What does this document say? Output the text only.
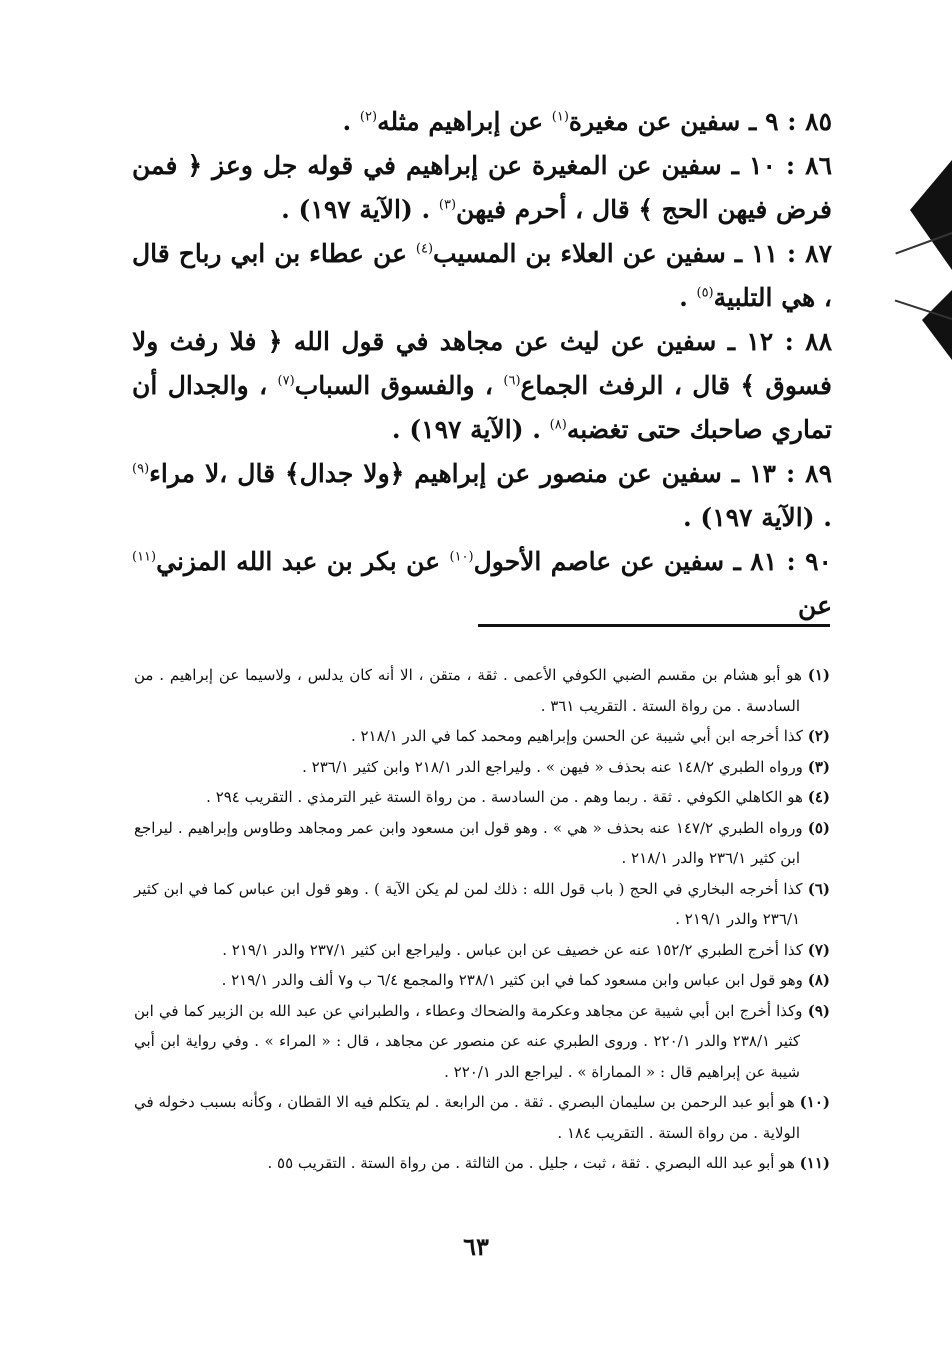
٨٥ : ٩ ـ سفين عن مغيرة$^{(١)}$ عن إبراهيم مثله$^{(٢)}$ .

٨٦ : ١٠ ـ سفين عن المغيرة عن إبراهيم في قوله جل وعز ﴿ فمن فرض فيهن الحج ﴾ قال ، أحرم فيهن$^{(٣)}$ . (الآية ١٩٧) .

٨٧ : ١١ ـ سفين عن العلاء بن المسيب$^{(٤)}$ عن عطاء بن ابي رباح قال ، هي التلبية$^{(٥)}$ .

٨٨ : ١٢ ـ سفين عن ليث عن مجاهد في قول الله ﴿ فلا رفث ولا فسوق ﴾ قال ، الرفث الجماع$^{(٦)}$ ، والفسوق السباب$^{(٧)}$ ، والجدال أن تماري صاحبك حتى تغضبه$^{(٨)}$ . (الآية ١٩٧) .

٨٩ : ١٣ ـ سفين عن منصور عن إبراهيم ﴿ولا جدال﴾ قال ،لا مراء$^{(٩)}$ . (الآية ١٩٧) .

٩٠ : ٨١ ـ سفين عن عاصم الأحول$^{(١٠)}$ عن بكر بن عبد الله المزني$^{(١١)}$ عن

(١) هو أبو هشام بن مقسم الضبي الكوفي الأعمى . ثقة ، متقن ، الا أنه كان يدلس ، ولاسيما عن إبراهيم . من السادسة . من رواة الستة . التقريب ٣٦١ .

(٢) كذا أخرجه ابن أبي شيبة عن الحسن وإبراهيم ومحمد كما في الدر ٢١٨/١ .

(٣) ورواه الطبري ١٤٨/٢ عنه بحذف « فيهن » . وليراجع الدر ٢١٨/١ وابن كثير ٢٣٦/١ .

(٤) هو الكاهلي الكوفي . ثقة . ربما وهم . من السادسة . من رواة الستة غير الترمذي . التقريب ٢٩٤ .

(٥) ورواه الطبري ١٤٧/٢ عنه بحذف « هي » . وهو قول ابن مسعود وابن عمر ومجاهد وطاوس وإبراهيم . ليراجع ابن كثير ٢٣٦/١ والدر ٢١٨/١ .

(٦) كذا أخرجه البخاري في الحج ( باب قول الله : ذلك لمن لم يكن الآية ) . وهو قول ابن عباس كما في ابن كثير ٢٣٦/١ والدر ٢١٩/١ .

(٧) كذا أخرج الطبري ١٥٢/٢ عنه عن خصيف عن ابن عباس . وليراجع ابن كثير ٢٣٧/١ والدر ٢١٩/١ .

(٨) وهو قول ابن عباس وابن مسعود كما في ابن كثير ٢٣٨/١ والمجمع ٦/٤ ب و٧ ألف والدر ٢١٩/١ .

(٩) وكذا أخرج ابن أبي شيبة عن مجاهد وعكرمة والضحاك وعطاء ، والطبراني عن عبد الله بن الزبير كما في ابن كثير ٢٣٨/١ والدر ٢٢٠/١ . وروى الطبري عنه عن منصور عن مجاهد ، قال : « المراء » . وفي رواية ابن أبي شيبة عن إبراهيم قال : « المماراة » . ليراجع الدر ٢٢٠/١ .

(١٠) هو أبو عبد الرحمن بن سليمان البصري . ثقة . من الرابعة . لم يتكلم فيه الا القطان ، وكأنه بسبب دخوله في الولاية . من رواة الستة . التقريب ١٨٤ .

(١١) هو أبو عبد الله البصري . ثقة ، ثبت ، جليل . من الثالثة . من رواة الستة . التقريب ٥٥ .

٦٣
